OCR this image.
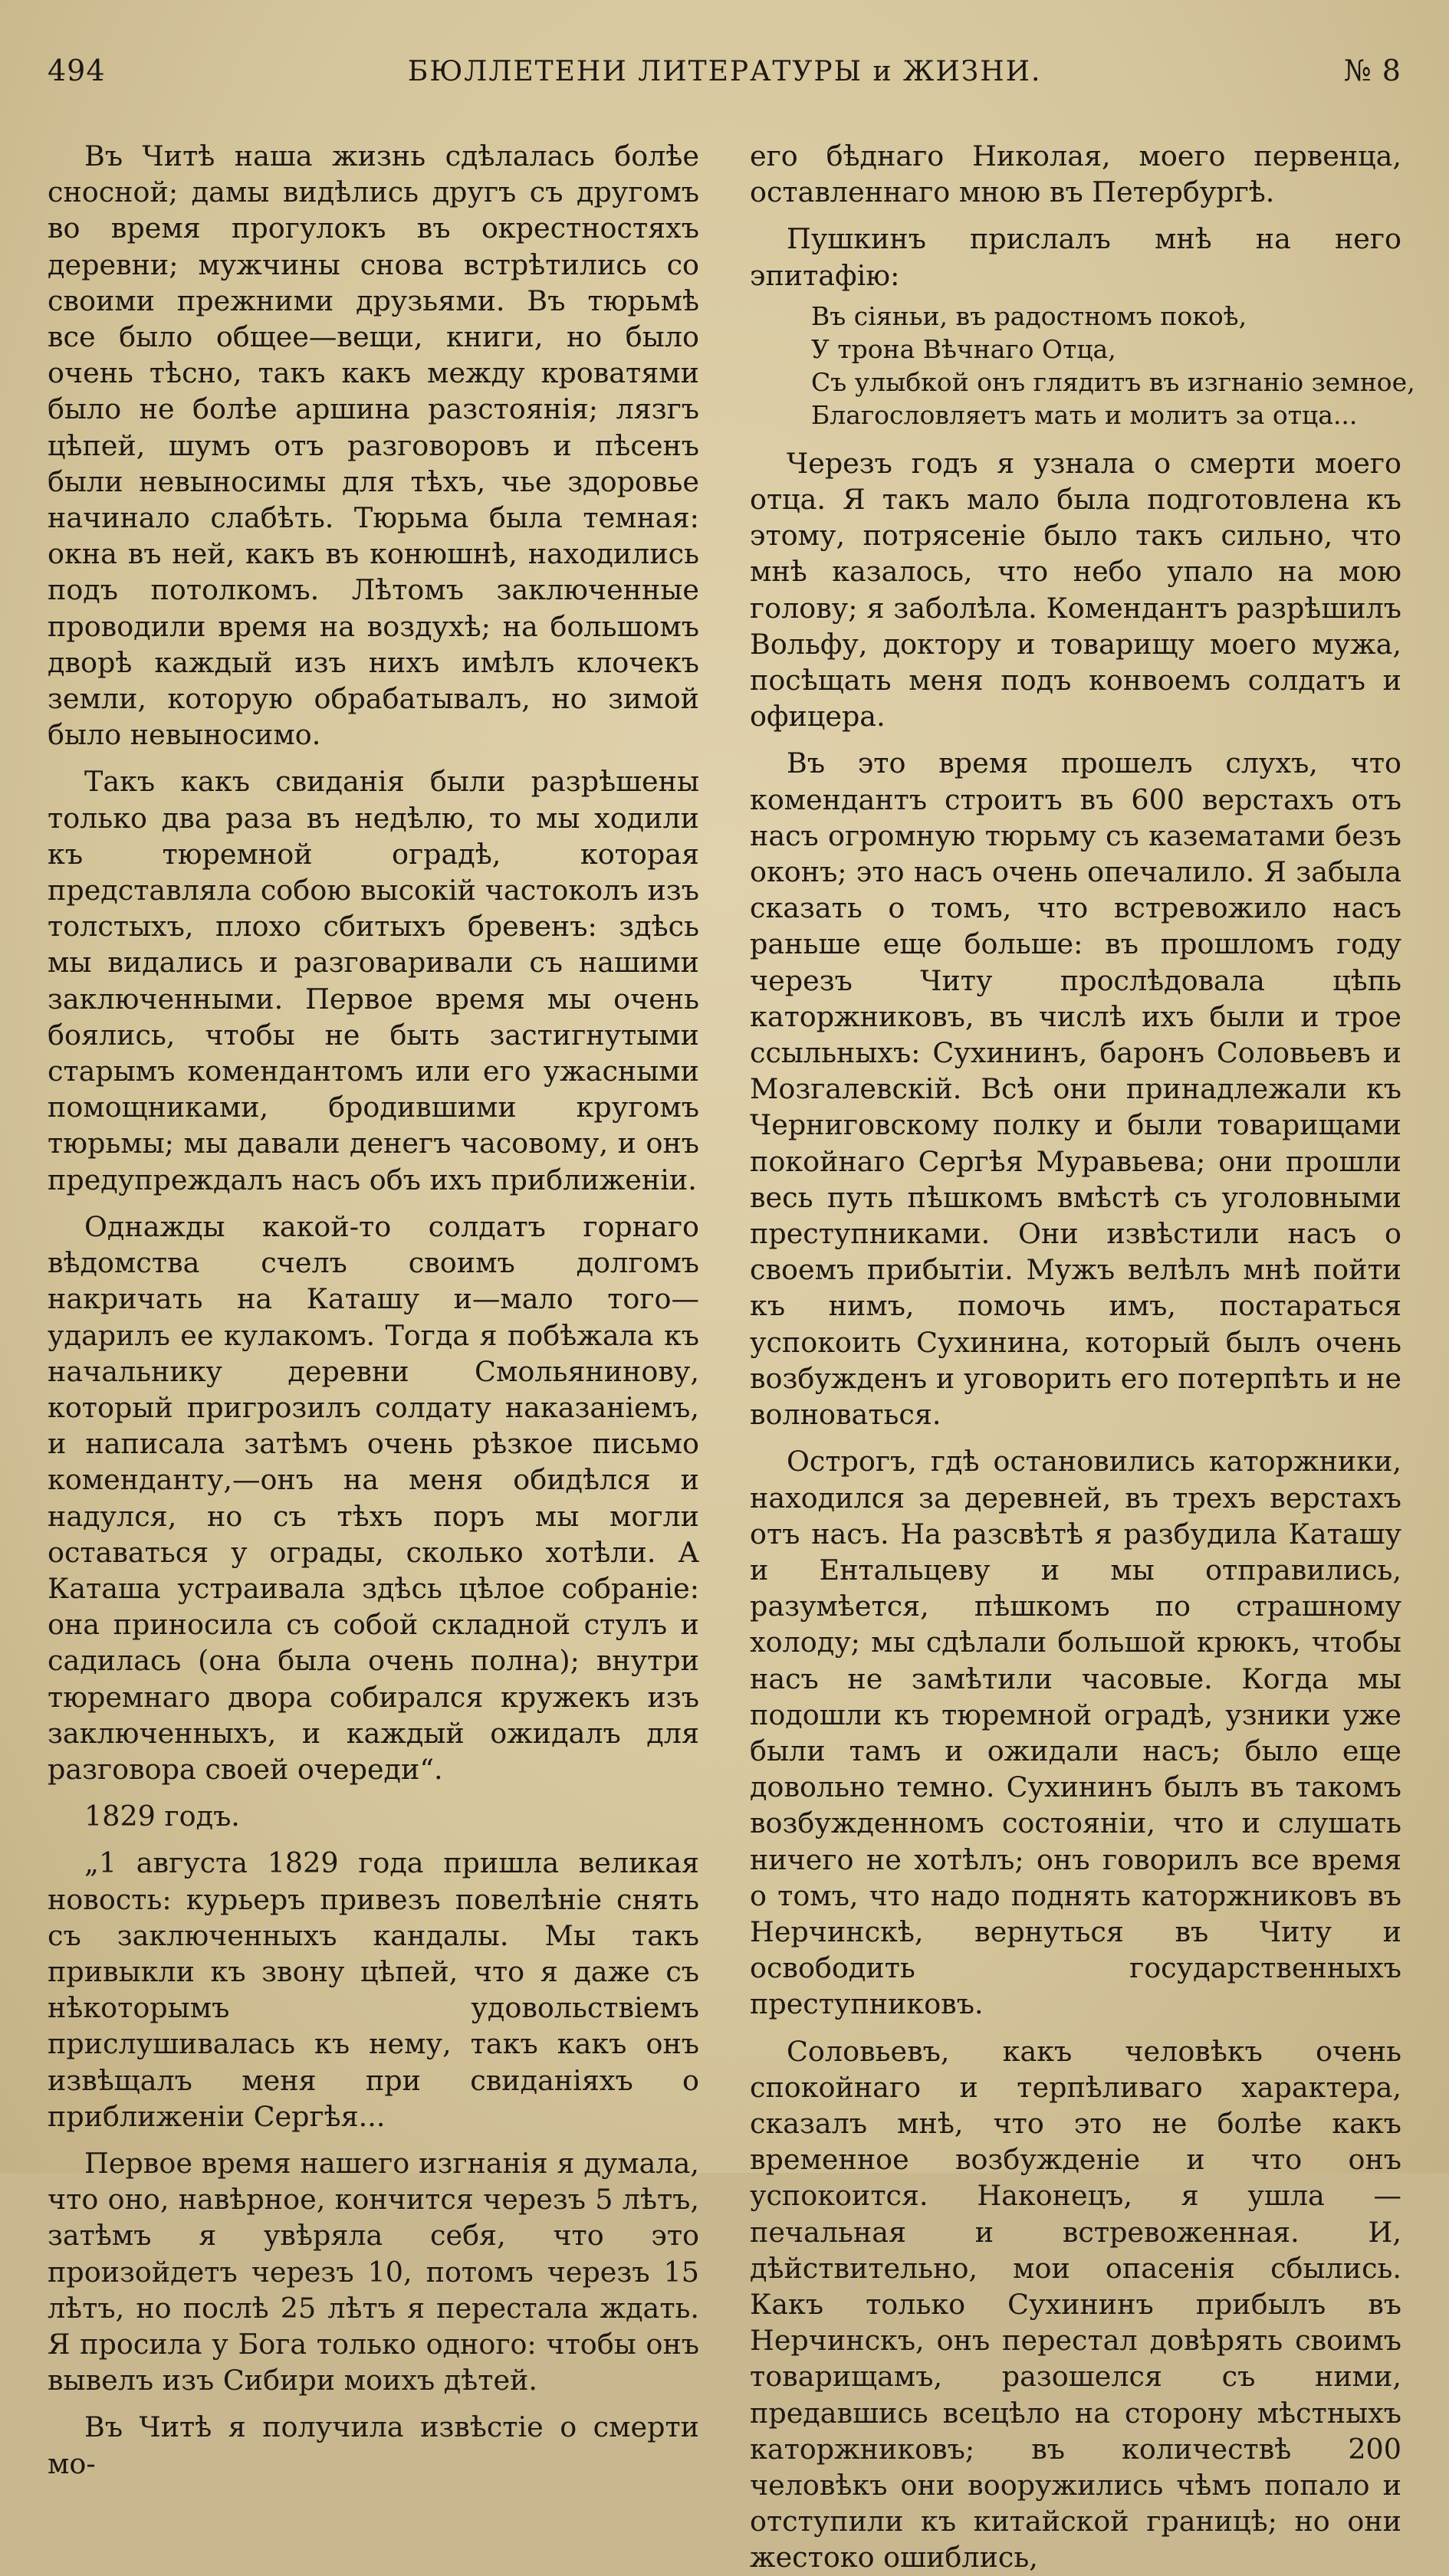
494	БЮЛЛЕТЕНИ ЛИТЕРАТУРЫ и ЖИЗНИ.	№ 8

Въ Читѣ наша жизнь сдѣлалась болѣе сносной; дамы видѣлись другъ съ другомъ во время прогулокъ въ окрестностяхъ деревни; мужчины снова встрѣтились со своими прежними друзьями. Въ тюрьмѣ все было общее—вещи, книги, но было очень тѣсно, такъ какъ между кроватями было не болѣе аршина разстоянія; лязгъ цѣпей, шумъ отъ разговоровъ и пѣсенъ были невыносимы для тѣхъ, чье здоровье начинало слабѣть. Тюрьма была темная: окна въ ней, какъ въ конюшнѣ, находились подъ потолкомъ. Лѣтомъ заключенные проводили время на воздухѣ; на большомъ дворѣ каждый изъ нихъ имѣлъ клочекъ земли, которую обрабатывалъ, но зимой было невыносимо.

Такъ какъ свиданія были разрѣшены только два раза въ недѣлю, то мы ходили къ тюремной оградѣ, которая представляла собою высокій частоколъ изъ толстыхъ, плохо сбитыхъ бревенъ: здѣсь мы видались и разговаривали съ нашими заключенными. Первое время мы очень боялись, чтобы не быть застигнутыми старымъ комендантомъ или его ужасными помощниками, бродившими кругомъ тюрьмы; мы давали денегъ часовому, и онъ предупреждалъ насъ объ ихъ приближеніи.

Однажды какой-то солдатъ горнаго вѣдомства счелъ своимъ долгомъ накричать на Каташу и—мало того—ударилъ ее кулакомъ. Тогда я побѣжала къ начальнику деревни Смольянинову, который пригрозилъ солдату наказаніемъ, и написала затѣмъ очень рѣзкое письмо коменданту,—онъ на меня обидѣлся и надулся, но съ тѣхъ поръ мы могли оставаться у ограды, сколько хотѣли. А Каташа устраивала здѣсь цѣлое собраніе: она приносила съ собой складной стулъ и садилась (она была очень полна); внутри тюремнаго двора собирался кружекъ изъ заключенныхъ, и каждый ожидалъ для разговора своей очереди“.

1829 годъ.

„1 августа 1829 года пришла великая новость: курьеръ привезъ повелѣніе снять съ заключенныхъ кандалы. Мы такъ привыкли къ звону цѣпей, что я даже съ нѣкоторымъ удовольствіемъ прислушивалась къ нему, такъ какъ онъ извѣщалъ меня при свиданіяхъ о приближеніи Сергѣя...

Первое время нашего изгнанія я думала, что оно, навѣрное, кончится черезъ 5 лѣтъ, затѣмъ я увѣряла себя, что это произойдетъ черезъ 10, потомъ черезъ 15 лѣтъ, но послѣ 25 лѣтъ я перестала ждать. Я просила у Бога только одного: чтобы онъ вывелъ изъ Сибири моихъ дѣтей.

Въ Читѣ я получила извѣстіе о смерти мо-

его бѣднаго Николая, моего первенца, оставленнаго мною въ Петербургѣ.

Пушкинъ прислалъ мнѣ на него эпитафію:

Въ сіяньи, въ радостномъ покоѣ,
У трона Вѣчнаго Отца,
Съ улыбкой онъ глядитъ въ изгнаніо земное,
Благословляетъ мать и молитъ за отца...

Черезъ годъ я узнала о смерти моего отца. Я такъ мало была подготовлена къ этому, потрясеніе было такъ сильно, что мнѣ казалось, что небо упало на мою голову; я заболѣла. Комендантъ разрѣшилъ Вольфу, доктору и товарищу моего мужа, посѣщать меня подъ конвоемъ солдатъ и офицера.

Въ это время прошелъ слухъ, что комендантъ строитъ въ 600 верстахъ отъ насъ огромную тюрьму съ казематами безъ оконъ; это насъ очень опечалило. Я забыла сказать о томъ, что встревожило насъ раньше еще больше: въ прошломъ году черезъ Читу прослѣдовала цѣпь каторжниковъ, въ числѣ ихъ были и трое ссыльныхъ: Сухининъ, баронъ Соловьевъ и Мозгалевскій. Всѣ они принадлежали къ Черниговскому полку и были товарищами покойнаго Сергѣя Муравьева; они прошли весь путь пѣшкомъ вмѣстѣ съ уголовными преступниками. Они извѣстили насъ о своемъ прибытіи. Мужъ велѣлъ мнѣ пойти къ нимъ, помочь имъ, постараться успокоить Сухинина, который былъ очень возбужденъ и уговорить его потерпѣть и не волноваться.

Острогъ, гдѣ остановились каторжники, находился за деревней, въ трехъ верстахъ отъ насъ. На разсвѣтѣ я разбудила Каташу и Ентальцеву и мы отправились, разумѣется, пѣшкомъ по страшному холоду; мы сдѣлали большой крюкъ, чтобы насъ не замѣтили часовые. Когда мы подошли къ тюремной оградѣ, узники уже были тамъ и ожидали насъ; было еще довольно темно. Сухининъ былъ въ такомъ возбужденномъ состояніи, что и слушать ничего не хотѣлъ; онъ говорилъ все время о томъ, что надо поднять каторжниковъ въ Нерчинскѣ, вернуться въ Читу и освободить государственныхъ преступниковъ.

Соловьевъ, какъ человѣкъ очень спокойнаго и терпѣливаго характера, сказалъ мнѣ, что это не болѣе какъ временное возбужденіе и что онъ успокоится. Наконецъ, я ушла — печальная и встревоженная. И, дѣйствительно, мои опасенія сбылись. Какъ только Сухининъ прибылъ въ Нерчинскъ, онъ перестал довѣрять своимъ товарищамъ, разошелся съ ними, предавшись всецѣло на сторону мѣстныхъ каторжниковъ; въ количествѣ 200 человѣкъ они вооружились чѣмъ попало и отступили къ китайской границѣ; но они жестоко ошиблись,
